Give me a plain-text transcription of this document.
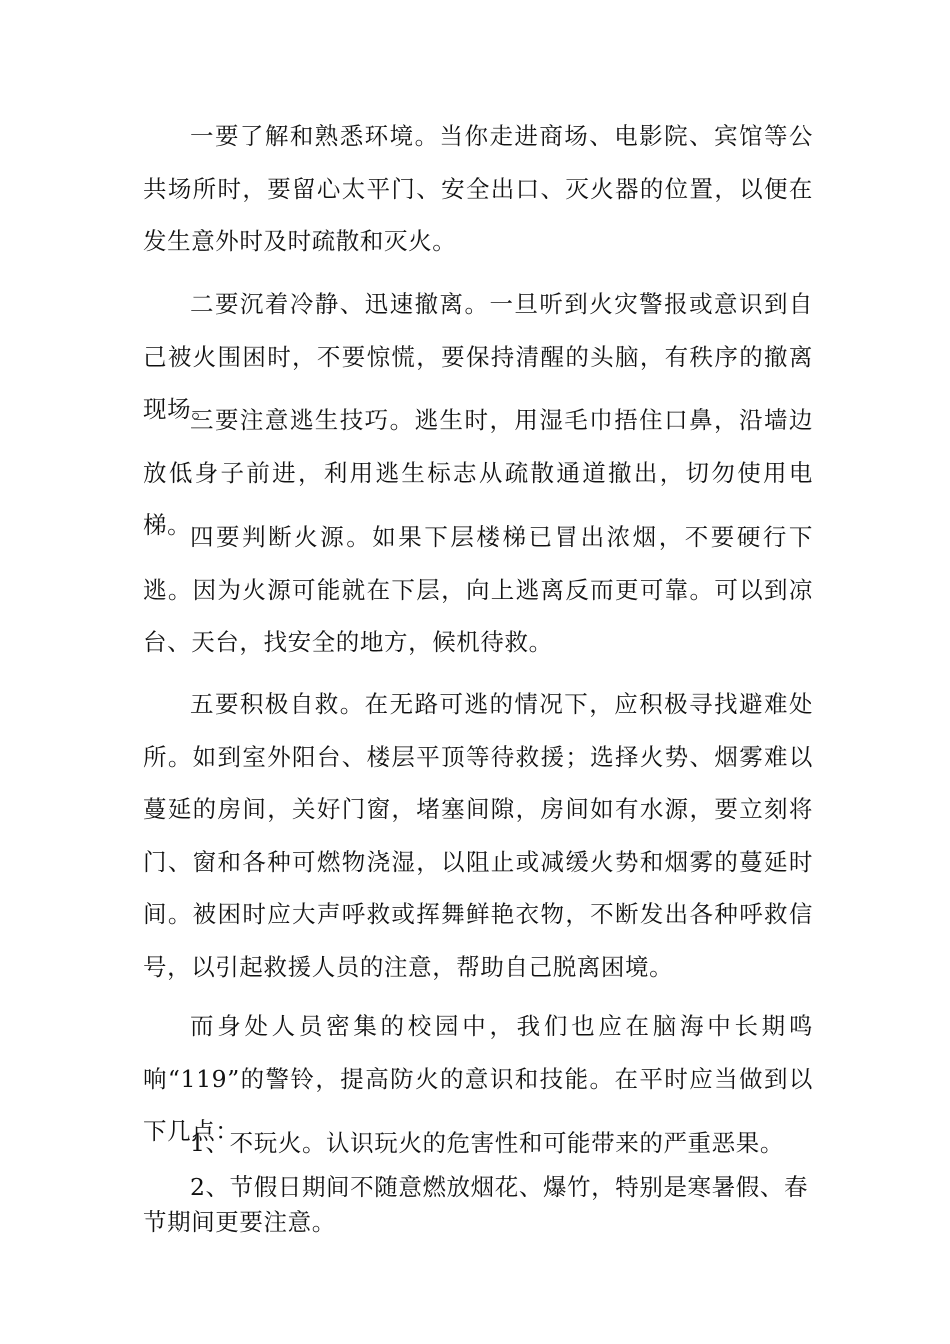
一要了解和熟悉环境。当你走进商场、电影院、宾馆等公共场所时，要留心太平门、安全出口、灭火器的位置，以便在发生意外时及时疏散和灭火。

二要沉着冷静、迅速撤离。一旦听到火灾警报或意识到自己被火围困时，不要惊慌，要保持清醒的头脑，有秩序的撤离现场。

三要注意逃生技巧。逃生时，用湿毛巾捂住口鼻，沿墙边放低身子前进，利用逃生标志从疏散通道撤出，切勿使用电梯。

四要判断火源。如果下层楼梯已冒出浓烟，不要硬行下逃。因为火源可能就在下层，向上逃离反而更可靠。可以到凉台、天台，找安全的地方，候机待救。

五要积极自救。在无路可逃的情况下，应积极寻找避难处所。如到室外阳台、楼层平顶等待救援；选择火势、烟雾难以蔓延的房间，关好门窗，堵塞间隙，房间如有水源，要立刻将门、窗和各种可燃物浇湿，以阻止或减缓火势和烟雾的蔓延时间。被困时应大声呼救或挥舞鲜艳衣物，不断发出各种呼救信号，以引起救援人员的注意，帮助自己脱离困境。

而身处人员密集的校园中，我们也应在脑海中长期鸣响“119”的警铃，提高防火的意识和技能。在平时应当做到以下几点：

1、不玩火。认识玩火的危害性和可能带来的严重恶果。

2、节假日期间不随意燃放烟花、爆竹，特别是寒暑假、春节期间更要注意。
